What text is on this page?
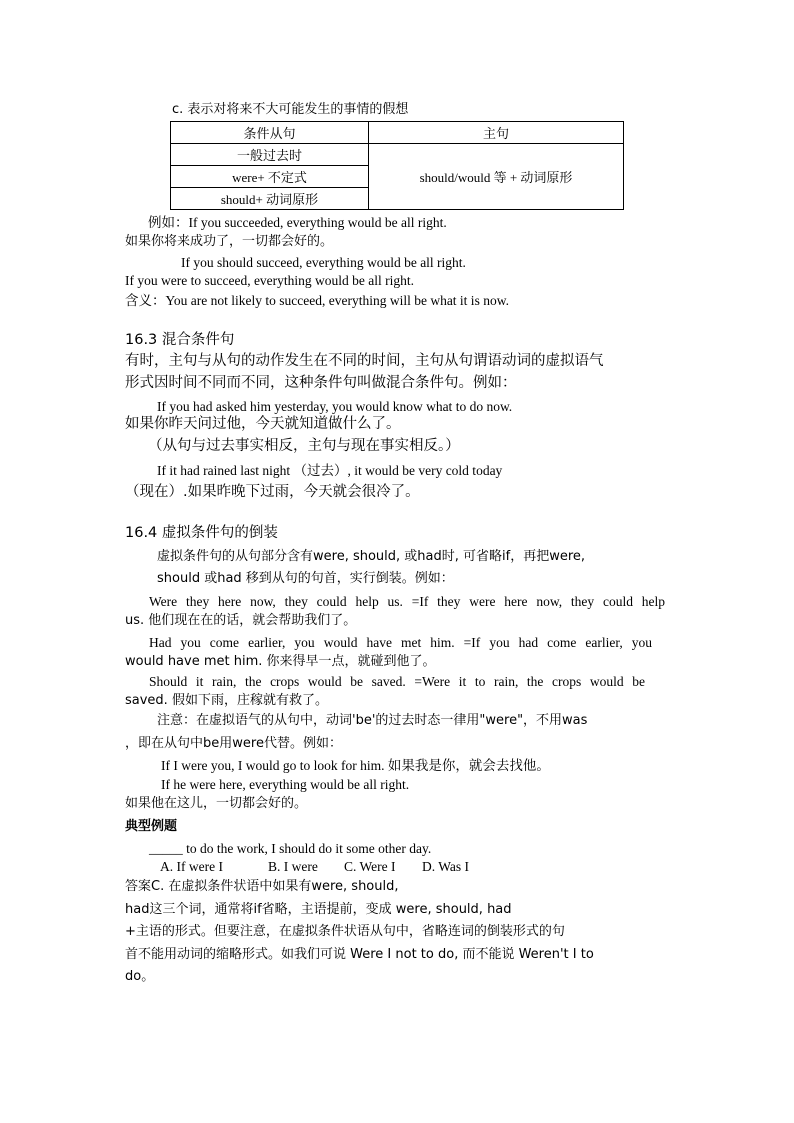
c. 表示对将来不大可能发生的事情的假想
条件从句	主句
一般过去时	should/would 等 + 动词原形
were+ 不定式	
should+ 动词原形	
例如：If you succeeded, everything would be all right.
如果你将来成功了，一切都会好的。
If you should succeed, everything would be all right.
If you were to succeed, everything would be all right.
含义：You are not likely to succeed, everything will be what it is now.
16.3 混合条件句
有时，主句与从句的动作发生在不同的时间，主句从句谓语动词的虚拟语气
形式因时间不同而不同，这种条件句叫做混合条件句。例如：
If you had asked him yesterday, you would know what to do now.
如果你昨天问过他，今天就知道做什么了。
（从句与过去事实相反，主句与现在事实相反。）
If it had rained last night （过去）, it would be very cold today
（现在）.如果昨晚下过雨，今天就会很冷了。
16.4 虚拟条件句的倒装
虚拟条件句的从句部分含有were, should, 或had时, 可省略if，再把were,
should 或had 移到从句的句首，实行倒装。例如：
Were they here now, they could help us. =If they were here now, they could help
us. 他们现在在的话，就会帮助我们了。
Had you come earlier, you would have met him. =If you had come earlier, you
would have met him. 你来得早一点，就碰到他了。
Should it rain, the crops would be saved. =Were it to rain, the crops would be
saved. 假如下雨，庄稼就有救了。
注意：在虚拟语气的从句中，动词'be'的过去时态一律用"were"，不用was
，即在从句中be用were代替。例如：
If I were you, I would go to look for him. 如果我是你，就会去找他。
If he were here, everything would be all right.
如果他在这儿，一切都会好的。
典型例题
_____ to do the work, I should do it some other day.
A. If were I	B. I were C. Were I D. Was I
答案C. 在虚拟条件状语中如果有were, should,
had这三个词，通常将if省略，主语提前，变成 were, should, had
+主语的形式。但要注意，在虚拟条件状语从句中，省略连词的倒装形式的句
首不能用动词的缩略形式。如我们可说 Were I not to do, 而不能说 Weren't I to
do。
